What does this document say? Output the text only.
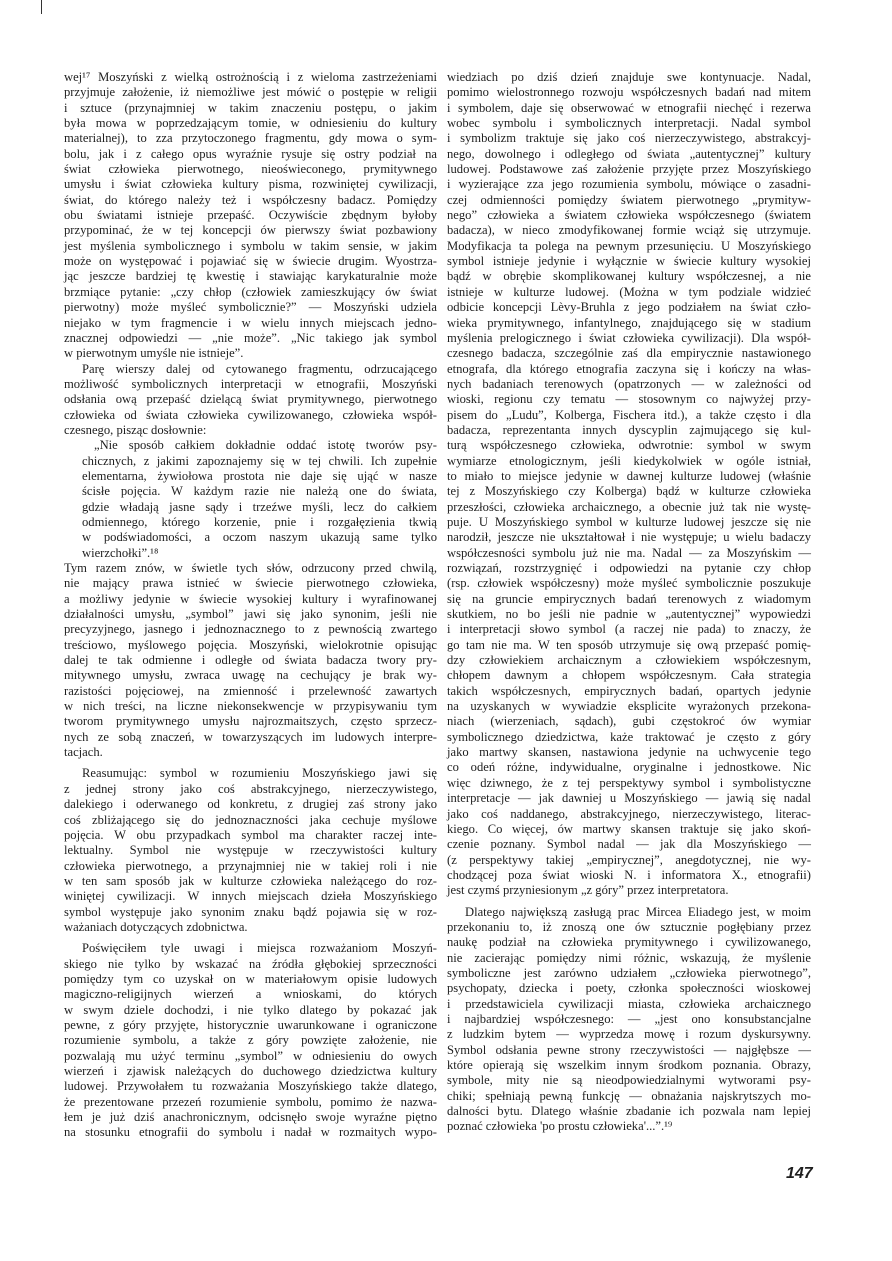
wej¹⁷ Moszyński z wielką ostrożnością i z wieloma zastrzeżeniami
przyjmuje założenie, iż niemożliwe jest mówić o postępie w religii
i sztuce (przynajmniej w takim znaczeniu postępu, o jakim
była mowa w poprzedzającym tomie, w odniesieniu do kultury
materialnej), to zza przytoczonego fragmentu, gdy mowa o sym-
bolu, jak i z całego opus wyraźnie rysuje się ostry podział na
świat człowieka pierwotnego, nieoświeconego, prymitywnego
umysłu i świat człowieka kultury pisma, rozwiniętej cywilizacji,
świat, do którego należy też i współczesny badacz. Pomiędzy
obu światami istnieje przepaść. Oczywiście zbędnym byłoby
przypominać, że w tej koncepcji ów pierwszy świat pozbawiony
jest myślenia symbolicznego i symbolu w takim sensie, w jakim
może on występować i pojawiać się w świecie drugim. Wyostrza-
jąc jeszcze bardziej tę kwestię i stawiając karykaturalnie może
brzmiące pytanie: „czy chłop (człowiek zamieszkujący ów świat
pierwotny) może myśleć symbolicznie?” — Moszyński udziela
niejako w tym fragmencie i w wielu innych miejscach jedno-
znacznej odpowiedzi — „nie może”. „Nic takiego jak symbol
w pierwotnym umyśle nie istnieje”.
Parę wierszy dalej od cytowanego fragmentu, odrzucającego
możliwość symbolicznych interpretacji w etnografii, Moszyński
odsłania ową przepaść dzielącą świat prymitywnego, pierwotnego
człowieka od świata człowieka cywilizowanego, człowieka współ-
czesnego, pisząc dosłownie:
„Nie sposób całkiem dokładnie oddać istotę tworów psy-
chicznych, z jakimi zapoznajemy się w tej chwili. Ich zupełnie
elementarna, żywiołowa prostota nie daje się ująć w nasze
ścisłe pojęcia. W każdym razie nie należą one do świata,
gdzie władają jasne sądy i trzeźwe myśli, lecz do całkiem
odmiennego, którego korzenie, pnie i rozgałęzienia tkwią
w podświadomości, a oczom naszym ukazują same tylko
wierzchołki”.¹⁸
Tym razem znów, w świetle tych słów, odrzucony przed chwilą,
nie mający prawa istnieć w świecie pierwotnego człowieka,
a możliwy jedynie w świecie wysokiej kultury i wyrafinowanej
działalności umysłu, „symbol” jawi się jako synonim, jeśli nie
precyzyjnego, jasnego i jednoznacznego to z pewnością zwartego
treściowo, myślowego pojęcia. Moszyński, wielokrotnie opisując
dalej te tak odmienne i odległe od świata badacza twory pry-
mitywnego umysłu, zwraca uwagę na cechujący je brak wy-
razistości pojęciowej, na zmienność i przelewność zawartych
w nich treści, na liczne niekonsekwencje w przypisywaniu tym
tworom prymitywnego umysłu najrozmaitszych, często sprzecz-
nych ze sobą znaczeń, w towarzyszących im ludowych interpre-
tacjach.
Reasumując: symbol w rozumieniu Moszyńskiego jawi się
z jednej strony jako coś abstrakcyjnego, nierzeczywistego,
dalekiego i oderwanego od konkretu, z drugiej zaś strony jako
coś zbliżającego się do jednoznaczności jaka cechuje myślowe
pojęcia. W obu przypadkach symbol ma charakter raczej inte-
lektualny. Symbol nie występuje w rzeczywistości kultury
człowieka pierwotnego, a przynajmniej nie w takiej roli i nie
w ten sam sposób jak w kulturze człowieka należącego do roz-
winiętej cywilizacji. W innych miejscach dzieła Moszyńskiego
symbol występuje jako synonim znaku bądź pojawia się w roz-
ważaniach dotyczących zdobnictwa.
Poświęciłem tyle uwagi i miejsca rozważaniom Moszyń-
skiego nie tylko by wskazać na źródła głębokiej sprzeczności
pomiędzy tym co uzyskał on w materiałowym opisie ludowych
magiczno-religijnych wierzeń a wnioskami, do których
w swym dziele dochodzi, i nie tylko dlatego by pokazać jak
pewne, z góry przyjęte, historycznie uwarunkowane i ograniczone
rozumienie symbolu, a także z góry powzięte założenie, nie
pozwalają mu użyć terminu „symbol” w odniesieniu do owych
wierzeń i zjawisk należących do duchowego dziedzictwa kultury
ludowej. Przywołałem tu rozważania Moszyńskiego także dlatego,
że prezentowane przezeń rozumienie symbolu, pomimo że nazwa-
łem je już dziś anachronicznym, odcisnęło swoje wyraźne piętno
na stosunku etnografii do symbolu i nadał w rozmaitych wypo-
wiedziach po dziś dzień znajduje swe kontynuacje. Nadal,
pomimo wielostronnego rozwoju współczesnych badań nad mitem
i symbolem, daje się obserwować w etnografii niechęć i rezerwa
wobec symbolu i symbolicznych interpretacji. Nadal symbol
i symbolizm traktuje się jako coś nierzeczywistego, abstrakcyj-
nego, dowolnego i odległego od świata „autentycznej” kultury
ludowej. Podstawowe zaś założenie przyjęte przez Moszyńskiego
i wyzierające zza jego rozumienia symbolu, mówiące o zasadni-
czej odmienności pomiędzy światem pierwotnego „prymityw-
nego” człowieka a światem człowieka współczesnego (światem
badacza), w nieco zmodyfikowanej formie wciąż się utrzymuje.
Modyfikacja ta polega na pewnym przesunięciu. U Moszyńskiego
symbol istnieje jedynie i wyłącznie w świecie kultury wysokiej
bądź w obrębie skomplikowanej kultury współczesnej, a nie
istnieje w kulturze ludowej. (Można w tym podziale widzieć
odbicie koncepcji Lèvy-Bruhla z jego podziałem na świat czło-
wieka prymitywnego, infantylnego, znajdującego się w stadium
myślenia prelogicznego i świat człowieka cywilizacji). Dla współ-
czesnego badacza, szczególnie zaś dla empirycznie nastawionego
etnografa, dla którego etnografia zaczyna się i kończy na włas-
nych badaniach terenowych (opatrzonych — w zależności od
wioski, regionu czy tematu — stosownym co najwyżej przy-
pisem do „Ludu”, Kolberga, Fischera itd.), a także często i dla
badacza, reprezentanta innych dyscyplin zajmującego się kul-
turą współczesnego człowieka, odwrotnie: symbol w swym
wymiarze etnologicznym, jeśli kiedykolwiek w ogóle istniał,
to miało to miejsce jedynie w dawnej kulturze ludowej (właśnie
tej z Moszyńskiego czy Kolberga) bądź w kulturze człowieka
przeszłości, człowieka archaicznego, a obecnie już tak nie wystę-
puje. U Moszyńskiego symbol w kulturze ludowej jeszcze się nie
narodził, jeszcze nie ukształtował i nie występuje; u wielu badaczy
współczesności symbolu już nie ma. Nadal — za Moszyńskim —
rozwiązań, rozstrzygnięć i odpowiedzi na pytanie czy chłop
(rsp. człowiek współczesny) może myśleć symbolicznie poszukuje
się na gruncie empirycznych badań terenowych z wiadomym
skutkiem, no bo jeśli nie padnie w „autentycznej” wypowiedzi
i interpretacji słowo symbol (a raczej nie pada) to znaczy, że
go tam nie ma. W ten sposób utrzymuje się ową przepaść pomię-
dzy człowiekiem archaicznym a człowiekiem współczesnym,
chłopem dawnym a chłopem współczesnym. Cała strategia
takich współczesnych, empirycznych badań, opartych jedynie
na uzyskanych w wywiadzie eksplicite wyrażonych przekona-
niach (wierzeniach, sądach), gubi częstokroć ów wymiar
symbolicznego dziedzictwa, każe traktować je często z góry
jako martwy skansen, nastawiona jedynie na uchwycenie tego
co odeń różne, indywidualne, oryginalne i jednostkowe. Nic
więc dziwnego, że z tej perspektywy symbol i symbolistyczne
interpretacje — jak dawniej u Moszyńskiego — jawią się nadal
jako coś naddanego, abstrakcyjnego, nierzeczywistego, literac-
kiego. Co więcej, ów martwy skansen traktuje się jako skoń-
czenie poznany. Symbol nadal — jak dla Moszyńskiego —
(z perspektywy takiej „empirycznej”, anegdotycznej, nie wy-
chodzącej poza świat wioski N. i informatora X., etnografii)
jest czymś przyniesionym „z góry” przez interpretatora.
Dlatego największą zasługą prac Mircea Eliadego jest, w moim
przekonaniu to, iż znoszą one ów sztucznie pogłębiany przez
naukę podział na człowieka prymitywnego i cywilizowanego,
nie zacierając pomiędzy nimi różnic, wskazują, że myślenie
symboliczne jest zarówno udziałem „człowieka pierwotnego”,
psychopaty, dziecka i poety, członka społeczności wioskowej
i przedstawiciela cywilizacji miasta, człowieka archaicznego
i najbardziej współczesnego: — „jest ono konsubstancjalne
z ludzkim bytem — wyprzedza mowę i rozum dyskursywny.
Symbol odsłania pewne strony rzeczywistości — najgłębsze —
które opierają się wszelkim innym środkom poznania. Obrazy,
symbole, mity nie są nieodpowiedzialnymi wytworami psy-
chiki; spełniają pewną funkcję — obnażania najskrytszych mo-
dalności bytu. Dlatego właśnie zbadanie ich pozwala nam lepiej
poznać człowieka 'po prostu człowieka'...”.¹⁹
147
